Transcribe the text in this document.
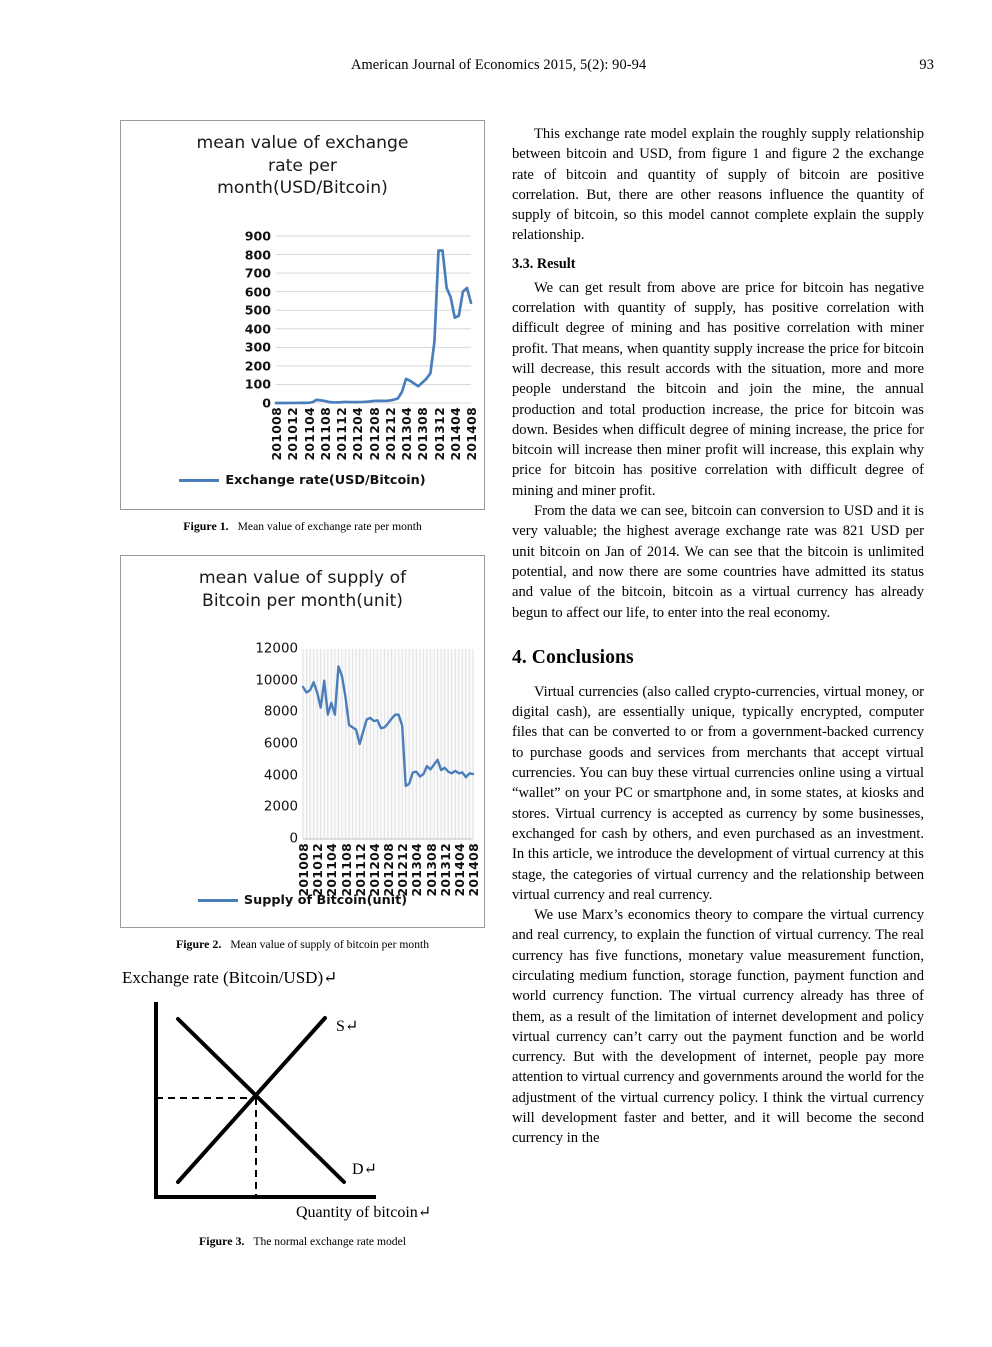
American Journal of Economics 2015, 5(2): 90-94	93
mean value of exchange
rate per
month(USD/Bitcoin)
0
100
200
300
400
500
600
700
800
900
201008 201012 201104 201108 201112 201204 201208 201212 201304 201308 201312 201404 201408
Exchange rate(USD/Bitcoin)

Figure 1. Mean value of exchange rate per month

mean value of supply of
Bitcoin per month(unit)
0
2000
4000
6000
8000
10000
12000
201008 201012 201104 201108 201112 201204 201208 201212 201304 201308 201312 201404 201408
Supply of Bitcoin(unit)

Figure 2. Mean value of supply of bitcoin per month

Exchange rate (Bitcoin/USD)↵
S↵
D↵
Quantity of bitcoin↵

Figure 3. The normal exchange rate model

This exchange rate model explain the roughly supply relationship between bitcoin and USD, from figure 1 and figure 2 the exchange rate of bitcoin and quantity of supply of bitcoin are positive correlation. But, there are other reasons influence the quantity of supply of bitcoin, so this model cannot complete explain the supply relationship.

3.3. Result

We can get result from above are price for bitcoin has negative correlation with quantity of supply, has positive correlation with difficult degree of mining and has positive correlation with miner profit. That means, when quantity supply increase the price for bitcoin will decrease, this result accords with the situation, more and more people understand the bitcoin and join the mine, the annual production and total production increase, the price for bitcoin was down. Besides when difficult degree of mining increase, the price for bitcoin will increase then miner profit will increase, this explain why price for bitcoin has positive correlation with difficult degree of mining and miner profit.

From the data we can see, bitcoin can conversion to USD and it is very valuable; the highest average exchange rate was 821 USD per unit bitcoin on Jan of 2014. We can see that the bitcoin is unlimited potential, and now there are some countries have admitted its status and value of the bitcoin, bitcoin as a virtual currency has already begun to affect our life, to enter into the real economy.

4. Conclusions

Virtual currencies (also called crypto-currencies, virtual money, or digital cash), are essentially unique, typically encrypted, computer files that can be converted to or from a government-backed currency to purchase goods and services from merchants that accept virtual currencies. You can buy these virtual currencies online using a virtual “wallet” on your PC or smartphone and, in some states, at kiosks and stores. Virtual currency is accepted as currency by some businesses, exchanged for cash by others, and even purchased as an investment. In this article, we introduce the development of virtual currency at this stage, the categories of virtual currency and the relationship between virtual currency and real currency.

We use Marx’s economics theory to compare the virtual currency and real currency, to explain the function of virtual currency. The real currency has five functions, monetary value measurement function, circulating medium function, storage function, payment function and world currency function. The virtual currency already has three of them, as a result of the limitation of internet development and policy virtual currency can’t carry out the payment function and be world currency. But with the development of internet, people pay more attention to virtual currency and governments around the world for the adjustment of the virtual currency policy. I think the virtual currency will development faster and better, and it will become the second currency in the
